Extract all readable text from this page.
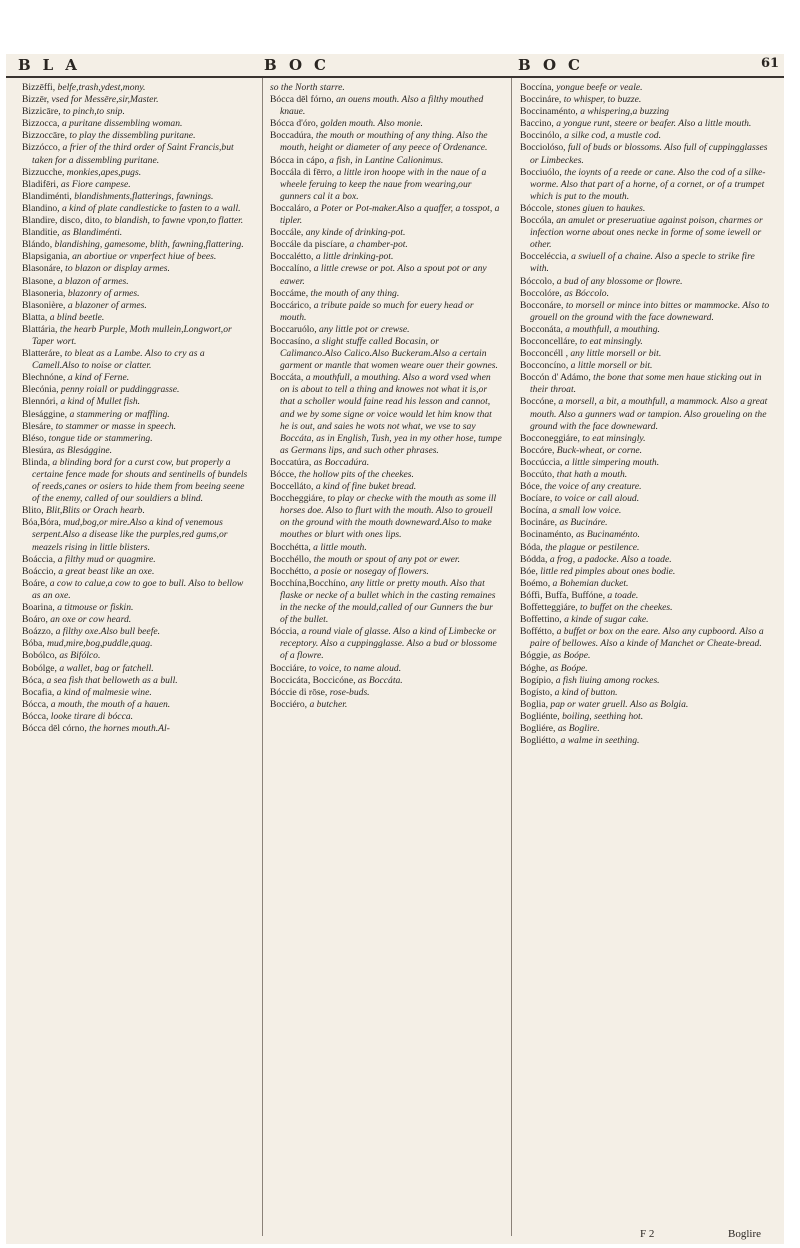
BLA	BOC	BOC	61

Bizzēffi, belfe,trash,ydest,mony.

Bizzēr, vsed for Messēre,sir,Master.

Bizzicāre, to pinch,to snip.

Bizzocca, a puritane dissembling woman.

Bizzoccāre, to play the dissembling puritane.

Bizzócco, a frier of the third order of Saint Francis,but taken for a dissembling puritane.

Bizzucche, monkies,apes,pugs.

Bladifēri, as Fiore campese.

Blandiménti, blandishments,flatterings, fawnings.

Blandino, a kind of plate candlesticke to fasten to a wall.

Blandire, disco, dito, to blandish, to fawne vpon,to flatter.

Blanditie, as Blandiménti.

Blándo, blandishing, gamesome, blith, fawning,flattering.

Blapsigania, an abortiue or vnperfect hiue of bees.

Blasonáre, to blazon or display armes.

Blasone, a blazon of armes.

Blasoneria, blazonry of armes.

Blasonière, a blazoner of armes.

Blatta, a blind beetle.

Blattária, the hearb Purple, Moth mullein,Longwort,or Taper wort.

Blatteráre, to bleat as a Lambe. Also to cry as a Camell.Also to noise or clatter.

Blechnóne, a kind of Ferne.

Blecónia, penny roiall or puddinggrasse.

Blennóri, a kind of Mullet fish.

Blesággine, a stammering or maffling.

Blesáre, to stammer or masse in speech.

Bléso, tongue tide or stammering.

Blesúra, as Blesággine.

Blinda, a blinding bord for a curst cow, but properly a certaine fence made for shouts and sentinells of bundels of reeds,canes or osiers to hide them from beeing seene of the enemy, called of our souldiers a blind.

Blito, Blit,Blits or Orach hearb.

Bóa,Bóra, mud,bog,or mire.Also a kind of venemous serpent.Also a disease like the purples,red gums,or meazels rising in little blisters.

Boáccia, a filthy mud or quagmire.

Boáccio, a great beast like an oxe.

Boáre, a cow to calue,a cow to goe to bull. Also to bellow as an oxe.

Boarina, a titmouse or fiskin.

Boáro, an oxe or cow heard.

Boázzo, a filthy oxe.Also bull beefe.

Bóba, mud,mire,bog,puddle,quag.

Bobólco, as Bifólco.

Bobólge, a wallet, bag or fatchell.

Bóca, a sea fish that belloweth as a bull.

Bocafia, a kind of malmesie wine.

Bócca, a mouth, the mouth of a hauen.

Bócca, looke tirare di bócca.

Bócca dēl córno, the hornes mouth.Al-

so the North starre.

Bócca dēl fórno, an ouens mouth. Also a filthy mouthed knaue.

Bócca d'óro, golden mouth. Also monie.

Boccadúra, the mouth or mouthing of any thing. Also the mouth, height or diameter of any peece of Ordenance.

Bócca in cápo, a fish, in Lantine Calionimus.

Boccála di fērro, a little iron hoope with in the naue of a wheele feruing to keep the naue from wearing,our gunners cal it a box.

Boccaláro, a Poter or Pot-maker.Also a quaffer, a tosspot, a tipler.

Boccále, any kinde of drinking-pot.

Boccále da piscíare, a chamber-pot.

Boccalétto, a little drinking-pot.

Boccalíno, a little crewse or pot. Also a spout pot or any eawer.

Boccáme, the mouth of any thing.

Boccárico, a tribute paide so much for euery head or mouth.

Boccaruólo, any little pot or crewse.

Boccasíno, a slight stuffe called Bocasin, or Calimanco.Also Calico.Also Buckeram.Also a certain garment or mantle that women weare ouer their gownes.

Boccáta, a mouthfull, a mouthing. Also a word vsed when on is about to tell a thing and knowes not what it is,or that a scholler would faine read his lesson and cannot, and we by some signe or voice would let him know that he is out, and saies he wots not what, we vse to say Boccáta, as in English, Tush, yea in my other hose, tumpe as Germans lips, and such other phrases.

Boccatúra, as Boccadúra.

Bócce, the hollow pits of the cheekes.

Boccelláto, a kind of fine buket bread.

Boccheggiáre, to play or checke with the mouth as some ill horses doe. Also to flurt with the mouth. Also to grouell on the ground with the mouth downeward.Also to make mouthes or blurt with ones lips.

Bocchétta, a little mouth.

Bocchéllo, the mouth or spout of any pot or ewer.

Bocchétto, a posie or nosegay of flowers.

Bocchína,Bocchíno, any little or pretty mouth. Also that flaske or necke of a bullet which in the casting remaines in the necke of the mould,called of our Gunners the bur of the bullet.

Bóccia, a round viale of glasse. Also a kind of Limbecke or receptory. Also a cuppingglasse. Also a bud or blossome of a flowre.

Bocciáre, to voice, to name aloud.

Boccicáta, Boccicóne, as Boccáta.

Bóccie di rōse, rose-buds.

Bocciéro, a butcher.

Boccína, yongue beefe or veale.

Boccináre, to whisper, to buzze.

Boccinaménto, a whispering,a buzzing

Baccino, a yongue runt, steere or beafer. Also a little mouth.

Boccinólo, a silke cod, a mustle cod.

Bocciolóso, full of buds or blossoms. Also full of cuppingglasses or Limbeckes.

Bocciuólo, the ioynts of a reede or cane. Also the cod of a silke-worme. Also that part of a horne, of a cornet, or of a trumpet which is put to the mouth.

Bóccole, stones giuen to haukes.

Boccóla, an amulet or preseruatiue against poison, charmes or infection worne about ones necke in forme of some iewell or other.

Bocceléccia, a swiuell of a chaine. Also a specle to strike fire with.

Bóccolo, a bud of any blossome or flowre.

Boccolóre, as Bóccolo.

Bocconáre, to morsell or mince into bittes or mammocke. Also to grouell on the ground with the face downeward.

Bocconáta, a mouthfull, a mouthing.

Bocconcelláre, to eat minsingly.

Bocconcéll , any little morsell or bit.

Bocconcíno, a little morsell or bit.

Boccón d' Adámo, the bone that some men haue sticking out in their throat.

Boccóne, a morsell, a bit, a mouthfull, a mammock. Also a great mouth. Also a gunners wad or tampion. Also groueling on the ground with the face downeward.

Bocconeggiáre, to eat minsingly.

Boccóre, Buck-wheat, or corne.

Boccúccia, a little simpering mouth.

Boccúto, that hath a mouth.

Bóce, the voice of any creature.

Bocíare, to voice or call aloud.

Bocína, a small low voice.

Bocináre, as Bucináre.

Bocinaménto, as Bucinaménto.

Bóda, the plague or pestilence.

Bódda, a frog, a padocke. Also a toade.

Bóe, little red pimples about ones bodie.

Boémo, a Bohemian ducket.

Bóffi, Buffa, Buffóne, a toade.

Boffetteggiáre, to buffet on the cheekes.

Boffettino, a kinde of sugar cake.

Boffétto, a buffet or box on the eare. Also any cupboord. Also a paire of bellowes. Also a kinde of Manchet or Cheate-bread.

Bóggie, as Boópe.

Bóghe, as Boópe.

Bogípio, a fish liuing among rockes.

Bogísto, a kind of button.

Boglia, pap or water gruell. Also as Bolgia.

Bogliénte, boiling, seething hot.

Bogliére, as Boglire.

Bogliétto, a walme in seething.

F 2	Boglire
